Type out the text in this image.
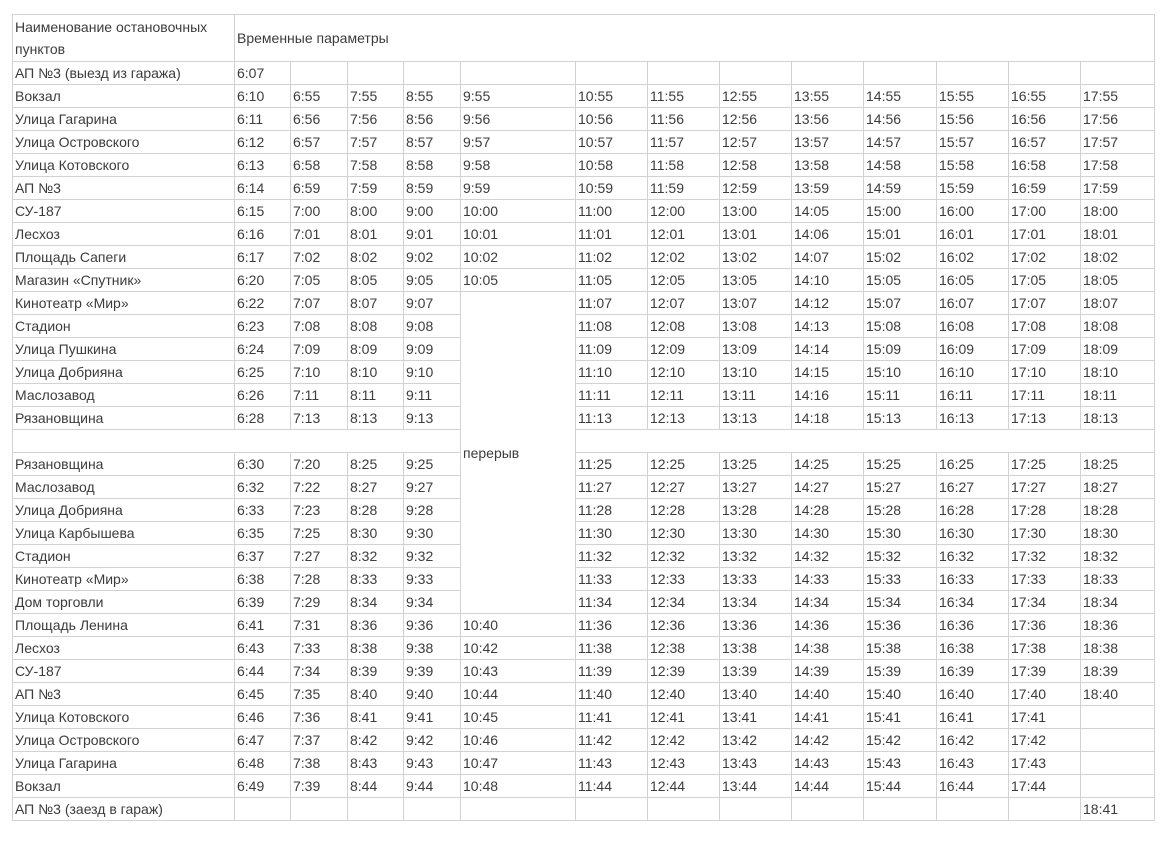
Наименование остановочных пунктов	Временные параметры												
АП №3 (выезд из гаража)	6:07												
Вокзал	6:10	6:55	7:55	8:55	9:55	10:55	11:55	12:55	13:55	14:55	15:55	16:55	17:55
Улица Гагарина	6:11	6:56	7:56	8:56	9:56	10:56	11:56	12:56	13:56	14:56	15:56	16:56	17:56
Улица Островского	6:12	6:57	7:57	8:57	9:57	10:57	11:57	12:57	13:57	14:57	15:57	16:57	17:57
Улица Котовского	6:13	6:58	7:58	8:58	9:58	10:58	11:58	12:58	13:58	14:58	15:58	16:58	17:58
АП №3	6:14	6:59	7:59	8:59	9:59	10:59	11:59	12:59	13:59	14:59	15:59	16:59	17:59
СУ-187	6:15	7:00	8:00	9:00	10:00	11:00	12:00	13:00	14:05	15:00	16:00	17:00	18:00
Лесхоз	6:16	7:01	8:01	9:01	10:01	11:01	12:01	13:01	14:06	15:01	16:01	17:01	18:01
Площадь Сапеги	6:17	7:02	8:02	9:02	10:02	11:02	12:02	13:02	14:07	15:02	16:02	17:02	18:02
Магазин «Спутник»	6:20	7:05	8:05	9:05	10:05	11:05	12:05	13:05	14:10	15:05	16:05	17:05	18:05
Кинотеатр «Мир»	6:22	7:07	8:07	9:07	перерыв	11:07	12:07	13:07	14:12	15:07	16:07	17:07	18:07
Стадион	6:23	7:08	8:08	9:08		11:08	12:08	13:08	14:13	15:08	16:08	17:08	18:08
Улица Пушкина	6:24	7:09	8:09	9:09		11:09	12:09	13:09	14:14	15:09	16:09	17:09	18:09
Улица Добрияна	6:25	7:10	8:10	9:10		11:10	12:10	13:10	14:15	15:10	16:10	17:10	18:10
Маслозавод	6:26	7:11	8:11	9:11		11:11	12:11	13:11	14:16	15:11	16:11	17:11	18:11
Рязановщина	6:28	7:13	8:13	9:13		11:13	12:13	13:13	14:18	15:13	16:13	17:13	18:13

Рязановщина	6:30	7:20	8:25	9:25		11:25	12:25	13:25	14:25	15:25	16:25	17:25	18:25
Маслозавод	6:32	7:22	8:27	9:27		11:27	12:27	13:27	14:27	15:27	16:27	17:27	18:27
Улица Добрияна	6:33	7:23	8:28	9:28		11:28	12:28	13:28	14:28	15:28	16:28	17:28	18:28
Улица Карбышева	6:35	7:25	8:30	9:30		11:30	12:30	13:30	14:30	15:30	16:30	17:30	18:30
Стадион	6:37	7:27	8:32	9:32		11:32	12:32	13:32	14:32	15:32	16:32	17:32	18:32
Кинотеатр «Мир»	6:38	7:28	8:33	9:33		11:33	12:33	13:33	14:33	15:33	16:33	17:33	18:33
Дом торговли	6:39	7:29	8:34	9:34		11:34	12:34	13:34	14:34	15:34	16:34	17:34	18:34
Площадь Ленина	6:41	7:31	8:36	9:36	10:40	11:36	12:36	13:36	14:36	15:36	16:36	17:36	18:36
Лесхоз	6:43	7:33	8:38	9:38	10:42	11:38	12:38	13:38	14:38	15:38	16:38	17:38	18:38
СУ-187	6:44	7:34	8:39	9:39	10:43	11:39	12:39	13:39	14:39	15:39	16:39	17:39	18:39
АП №3	6:45	7:35	8:40	9:40	10:44	11:40	12:40	13:40	14:40	15:40	16:40	17:40	18:40
Улица Котовского	6:46	7:36	8:41	9:41	10:45	11:41	12:41	13:41	14:41	15:41	16:41	17:41	
Улица Островского	6:47	7:37	8:42	9:42	10:46	11:42	12:42	13:42	14:42	15:42	16:42	17:42	
Улица Гагарина	6:48	7:38	8:43	9:43	10:47	11:43	12:43	13:43	14:43	15:43	16:43	17:43	
Вокзал	6:49	7:39	8:44	9:44	10:48	11:44	12:44	13:44	14:44	15:44	16:44	17:44	
АП №3 (заезд в гараж)													18:41
